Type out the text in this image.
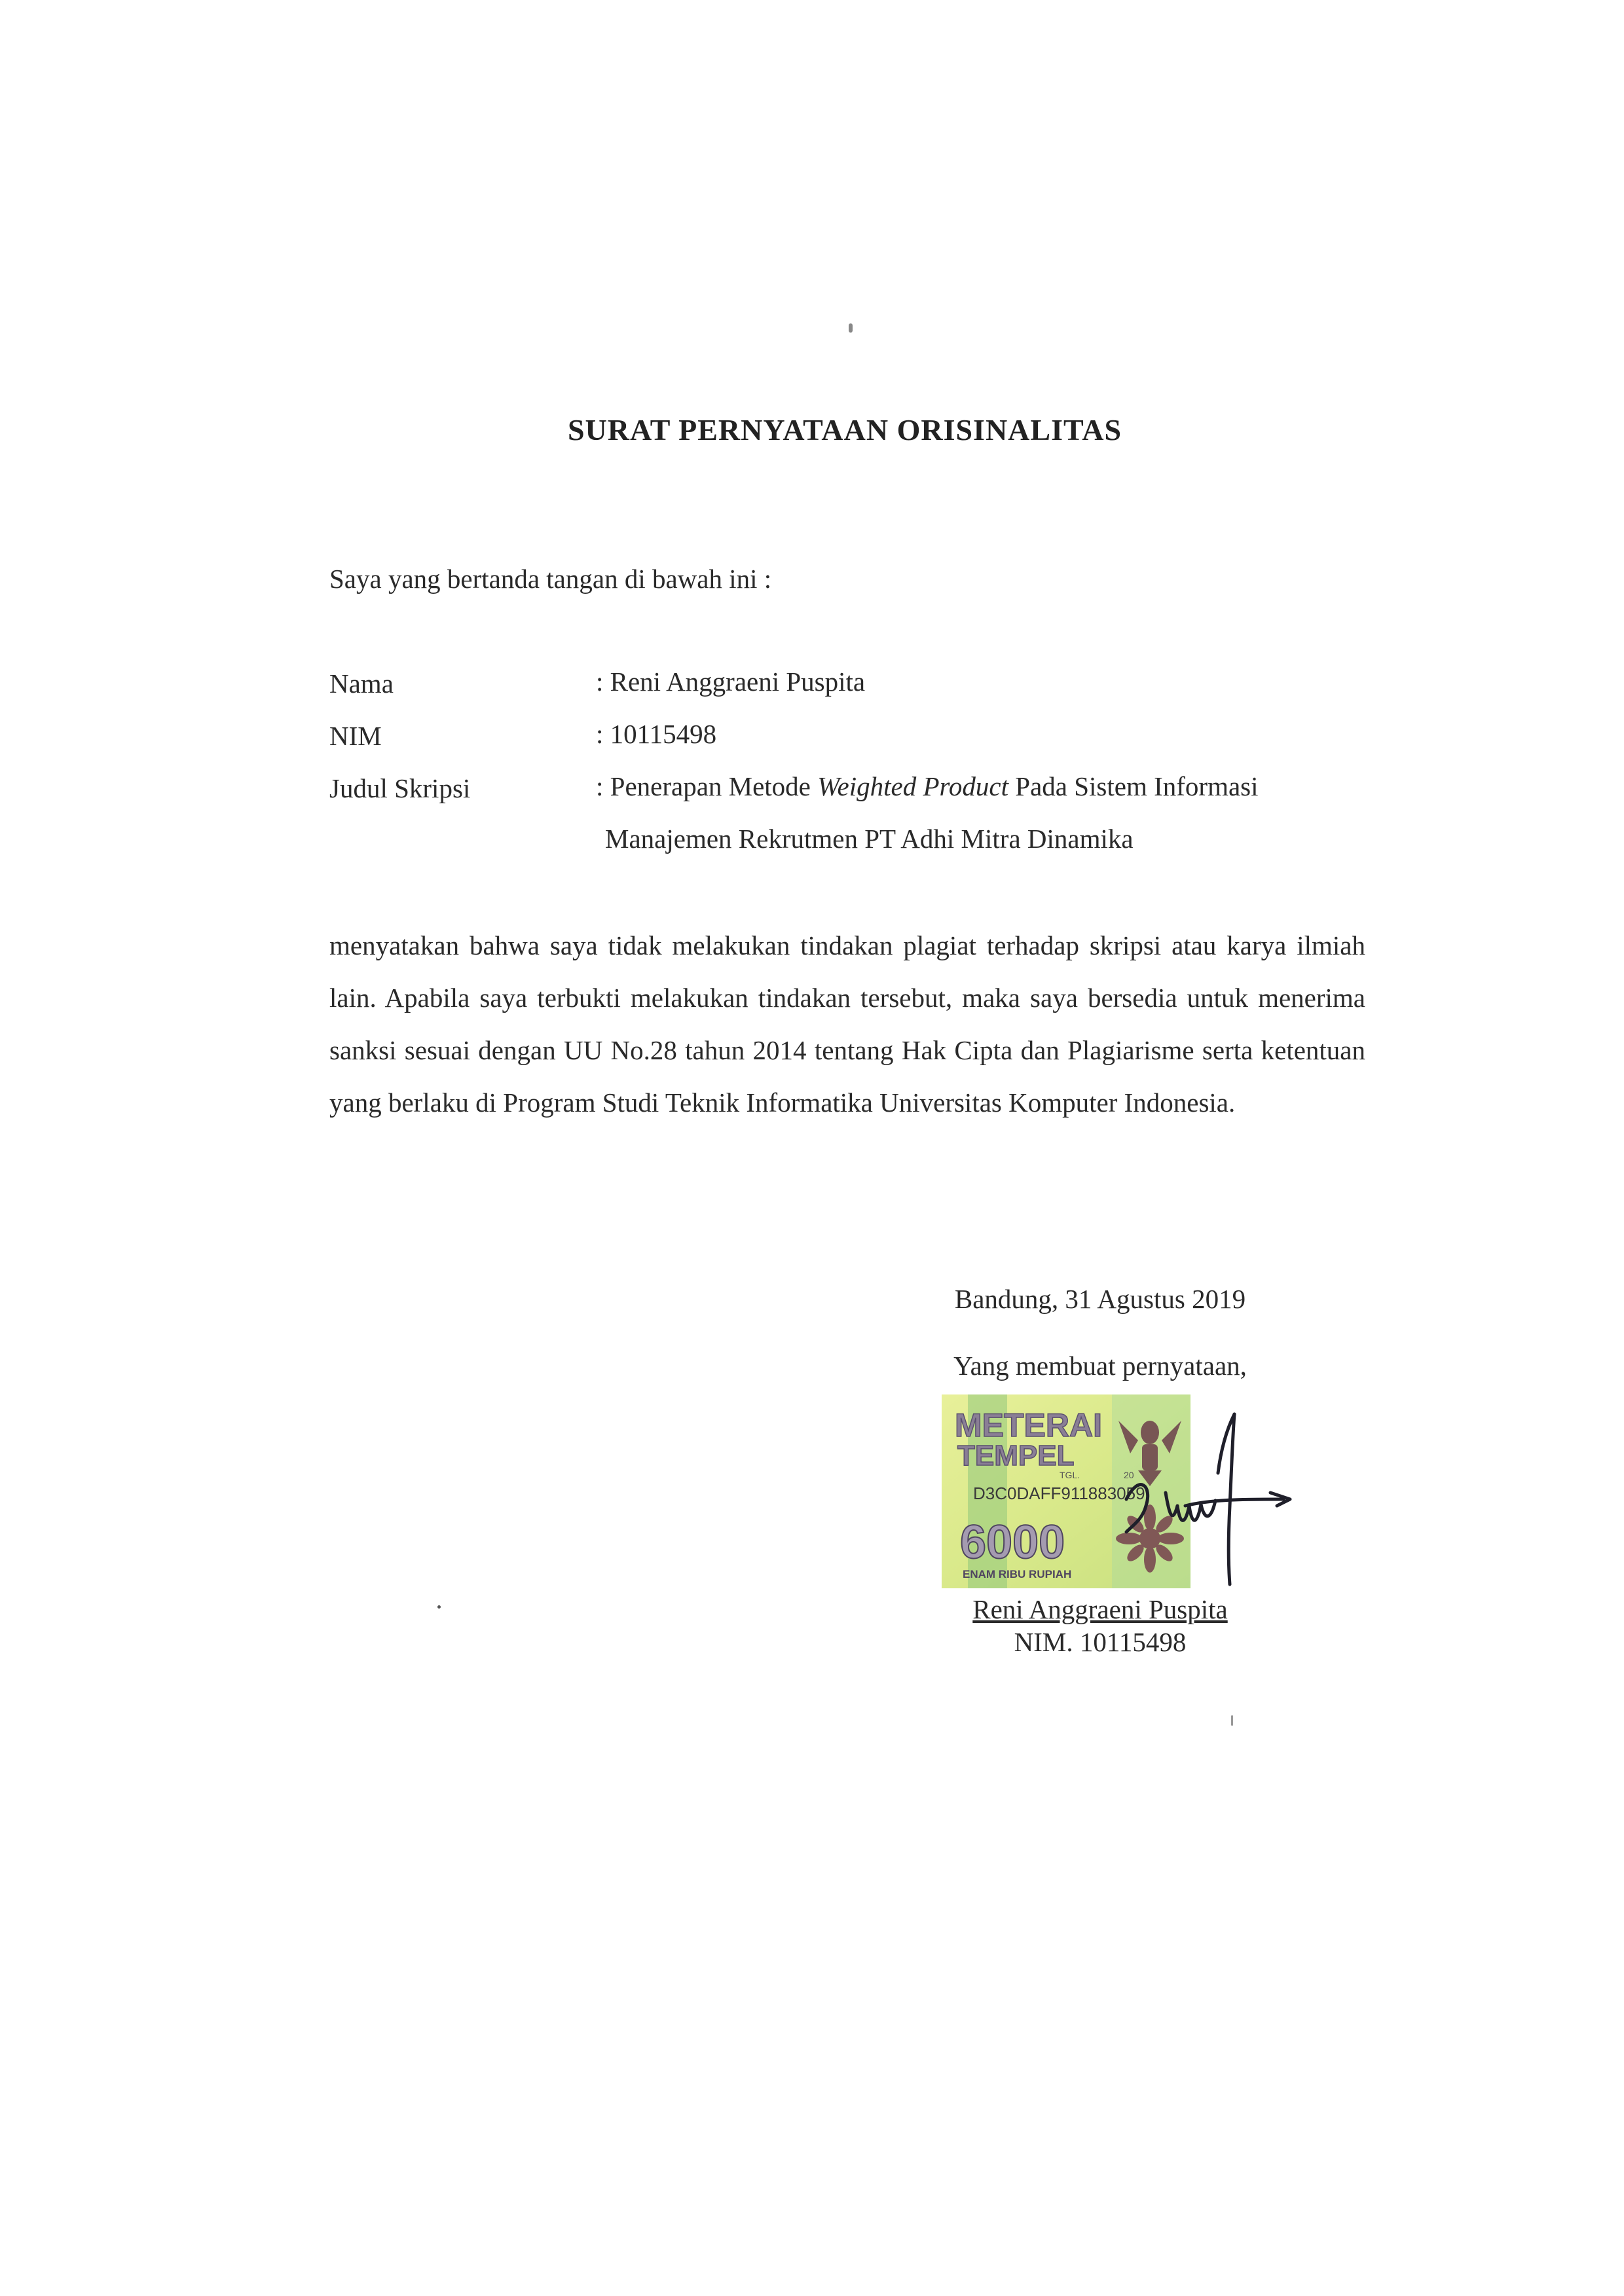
SURAT PERNYATAAN ORISINALITAS
Saya yang bertanda tangan di bawah ini :
Nama	: Reni Anggraeni Puspita
NIM	: 10115498
Judul Skripsi	: Penerapan Metode Weighted Product Pada Sistem Informasi
Manajemen Rekrutmen PT Adhi Mitra Dinamika
menyatakan bahwa saya tidak melakukan tindakan plagiat terhadap skripsi atau karya ilmiah lain. Apabila saya terbukti melakukan tindakan tersebut, maka saya bersedia untuk menerima sanksi sesuai dengan UU No.28 tahun 2014 tentang Hak Cipta dan Plagiarisme serta ketentuan yang berlaku di Program Studi Teknik Informatika Universitas Komputer Indonesia.
Bandung, 31 Agustus 2019
Yang membuat pernyataan,
METERAI
TEMPEL
TGL.	20
D3C0DAFF911883059
6000
ENAM RIBU RUPIAH
Reni Anggraeni Puspita
NIM. 10115498
